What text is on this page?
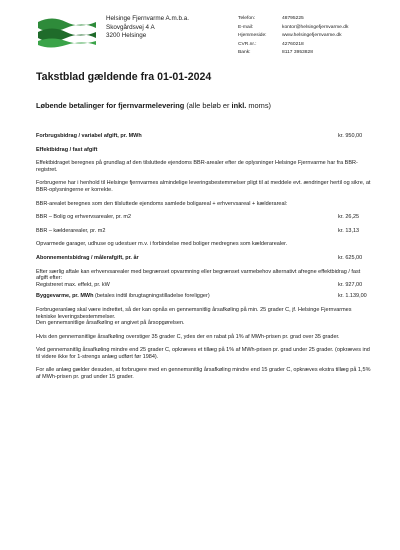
Helsinge Fjernvarme A.m.b.a.
Skovgårdsvej 4 A
3200 Helsinge
Telefon:	48795225
E-mail:	kontor@helsingefjernvarme.dk
Hjemmeside:	www.helsingefjernvarme.dk
CVR.nr.:	42760218
Bank:	8117 3953828
Takstblad gældende fra 01-01-2024
Løbende betalinger for fjernvarmelevering (alle beløb er inkl. moms)
Forbrugsbidrag / variabel afgift, pr. MWh	kr. 950,00

Effektbidrag / fast afgift

Effektbidraget beregnes på grundlag af den tilsluttede ejendoms BBR-arealer efter de oplysninger Helsinge Fjernvarme har fra BBR-registret.

Forbrugerne har i henhold til Helsinge fjernvarmes almindelige leveringsbestemmelser pligt til at meddele evt. ændringer hertil og sikre, at BBR-oplysningerne er korrekte.

BBR-arealet beregnes som den tilsluttede ejendoms samlede boligareal + erhvervsareal + kælderareal:

BBR – Bolig og erhvervsarealer, pr. m2	kr. 26,25
BBR – kælderarealer, pr. m2	kr. 13,13

Opvarmede garager, udhuse og udestuer m.v. i forbindelse med boliger medregnes som kælderarealer.

Abonnementsbidrag / målerafgift, pr. år	kr. 625,00

Efter særlig aftale kan erhvervsarealer med begrænset opvarmning eller begrænset varmebehov alternativt afregne effektbidrag / fast afgift efter:

Registreret max. effekt, pr. kW	kr. 927,00
Byggevarme, pr. MWh (betales indtil ibrugtagningstilladelse foreligger)	kr. 1.139,00

Forbrugeranlæg skal være indrettet, så der kan opnås en gennemsnitlig årsafkøling på min. 25 grader C, jf. Helsinge Fjernvarmes tekniske leveringsbestemmelser.

Den gennemsnitlige årsafkøling er angivet på årsopgørelsen.

Hvis den gennemsnitlige årsafkøling overstiger 35 grader C, ydes der en rabat på 1% af MWh-prisen pr. grad over 35 grader.

Ved gennemsnitlig årsafkøling mindre end 25 grader C, opkræves et tillæg på 1% af MWh-prisen pr. grad under 25 grader. (opkræves ind til videre ikke for 1-strengs anlæg udført før 1984).

For alle anlæg gælder desuden, at forbrugere med en gennemsnitlig årsafkøling mindre end 15 grader C, opkræves ekstra tillæg på 1,5% af MWh-prisen pr. grad under 15 grader.
